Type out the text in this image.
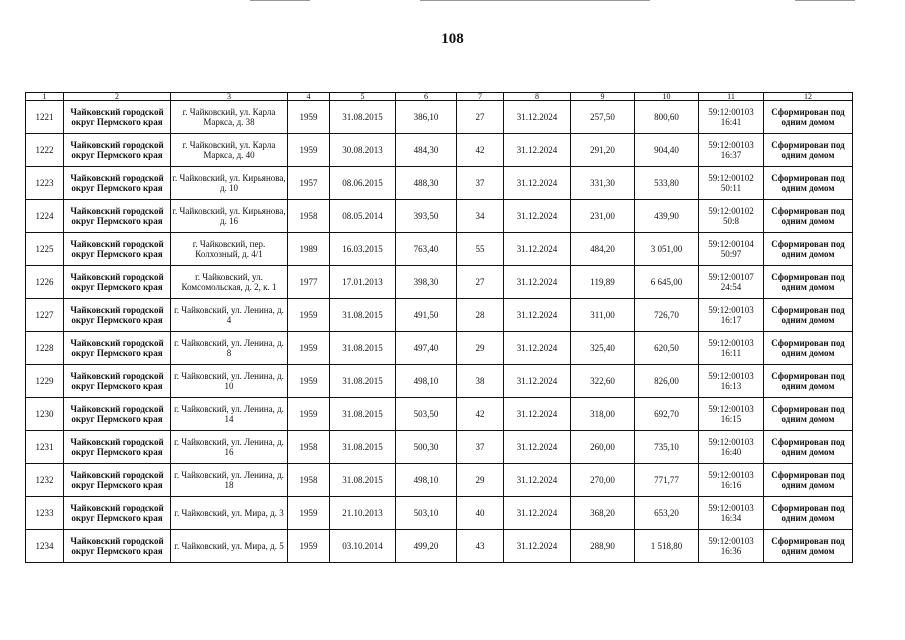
108
1	2	3	4	5	6	7	8	9	10	11	12
1221	Чайковский городской округ Пермского края	г. Чайковский, ул. Карла Маркса, д. 38	1959	31.08.2015	386,10	27	31.12.2024	257,50	800,60	59:12:00103 16:41	Сформирован под одним домом
1222	Чайковский городской округ Пермского края	г. Чайковский, ул. Карла Маркса, д. 40	1959	30.08.2013	484,30	42	31.12.2024	291,20	904,40	59:12:00103 16:37	Сформирован под одним домом
1223	Чайковский городской округ Пермского края	г. Чайковский, ул. Кирьянова, д. 10	1957	08.06.2015	488,30	37	31.12.2024	331,30	533,80	59:12:00102 50:11	Сформирован под одним домом
1224	Чайковский городской округ Пермского края	г. Чайковский, ул. Кирьянова, д. 16	1958	08.05.2014	393,50	34	31.12.2024	231,00	439,90	59:12:00102 50:8	Сформирован под одним домом
1225	Чайковский городской округ Пермского края	г. Чайковский, пер. Колхозный, д. 4/1	1989	16.03.2015	763,40	55	31.12.2024	484,20	3 051,00	59:12:00104 50:97	Сформирован под одним домом
1226	Чайковский городской округ Пермского края	г. Чайковский, ул. Комсомольская, д. 2, к. 1	1977	17.01.2013	398,30	27	31.12.2024	119,89	6 645,00	59:12:00107 24:54	Сформирован под одним домом
1227	Чайковский городской округ Пермского края	г. Чайковский, ул. Ленина, д. 4	1959	31.08.2015	491,50	28	31.12.2024	311,00	726,70	59:12:00103 16:17	Сформирован под одним домом
1228	Чайковский городской округ Пермского края	г. Чайковский, ул. Ленина, д. 8	1959	31.08.2015	497,40	29	31.12.2024	325,40	620,50	59:12:00103 16:11	Сформирован под одним домом
1229	Чайковский городской округ Пермского края	г. Чайковский, ул. Ленина, д. 10	1959	31.08.2015	498,10	38	31.12.2024	322,60	826,00	59:12:00103 16:13	Сформирован под одним домом
1230	Чайковский городской округ Пермского края	г. Чайковский, ул. Ленина, д. 14	1959	31.08.2015	503,50	42	31.12.2024	318,00	692,70	59:12:00103 16:15	Сформирован под одним домом
1231	Чайковский городской округ Пермского края	г. Чайковский, ул. Ленина, д. 16	1958	31.08.2015	500,30	37	31.12.2024	260,00	735,10	59:12:00103 16:40	Сформирован под одним домом
1232	Чайковский городской округ Пермского края	г. Чайковский, ул. Ленина, д. 18	1958	31.08.2015	498,10	29	31.12.2024	270,00	771,77	59:12:00103 16:16	Сформирован под одним домом
1233	Чайковский городской округ Пермского края	г. Чайковский, ул. Мира, д. 3	1959	21.10.2013	503,10	40	31.12.2024	368,20	653,20	59:12:00103 16:34	Сформирован под одним домом
1234	Чайковский городской округ Пермского края	г. Чайковский, ул. Мира, д. 5	1959	03.10.2014	499,20	43	31.12.2024	288,90	1 518,80	59:12:00103 16:36	Сформирован под одним домом
